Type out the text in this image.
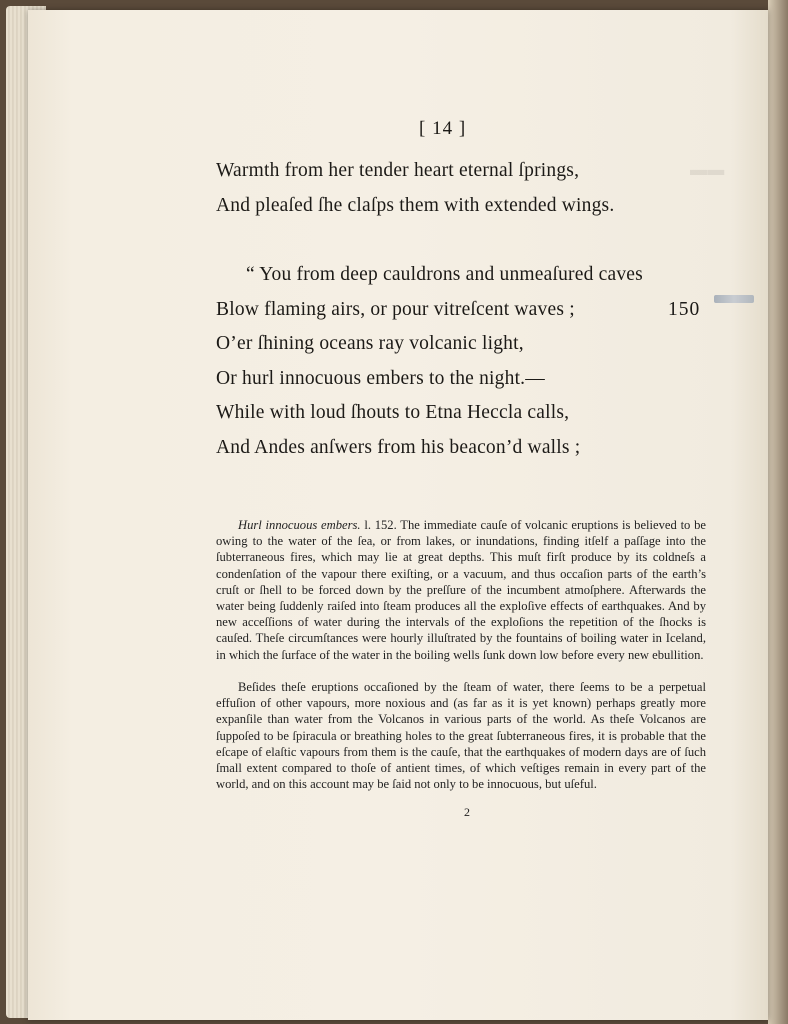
[ 14 ]
Warmth from her tender heart eternal ſprings,
And pleaſed ſhe claſps them with extended wings.
“ You from deep cauldrons and unmeaſured caves
Blow flaming airs, or pour vitreſcent waves ;	150
O’er ſhining oceans ray volcanic light,
Or hurl innocuous embers to the night.—
While with loud ſhouts to Etna Heccla calls,
And Andes anſwers from his beacon’d walls ;
Hurl innocuous embers. l. 152. The immediate cauſe of volcanic eruptions is believed to be owing to the water of the ſea, or from lakes, or inundations, finding itſelf a paſſage into the ſubterraneous fires, which may lie at great depths. This muſt firſt produce by its coldneſs a condenſation of the vapour there exiſting, or a vacuum, and thus occaſion parts of the earth’s cruſt or ſhell to be forced down by the preſſure of the incumbent atmoſphere. Afterwards the water being ſuddenly raiſed into ſteam produces all the exploſive effects of earthquakes. And by new acceſſions of water during the intervals of the exploſions the repetition of the ſhocks is cauſed. Theſe circumſtances were hourly illuſtrated by the fountains of boiling water in Iceland, in which the ſurface of the water in the boiling wells ſunk down low before every new ebullition.
Beſides theſe eruptions occaſioned by the ſteam of water, there ſeems to be a perpetual effuſion of other vapours, more noxious and (as far as it is yet known) perhaps greatly more expanſile than water from the Volcanos in various parts of the world. As theſe Volcanos are ſuppoſed to be ſpiracula or breathing holes to the great ſubterraneous fires, it is probable that the eſcape of elaſtic vapours from them is the cauſe, that the earthquakes of modern days are of ſuch ſmall extent compared to thoſe of antient times, of which veſtiges remain in every part of the world, and on this account may be ſaid not only to be innocuous, but uſeful.
2
